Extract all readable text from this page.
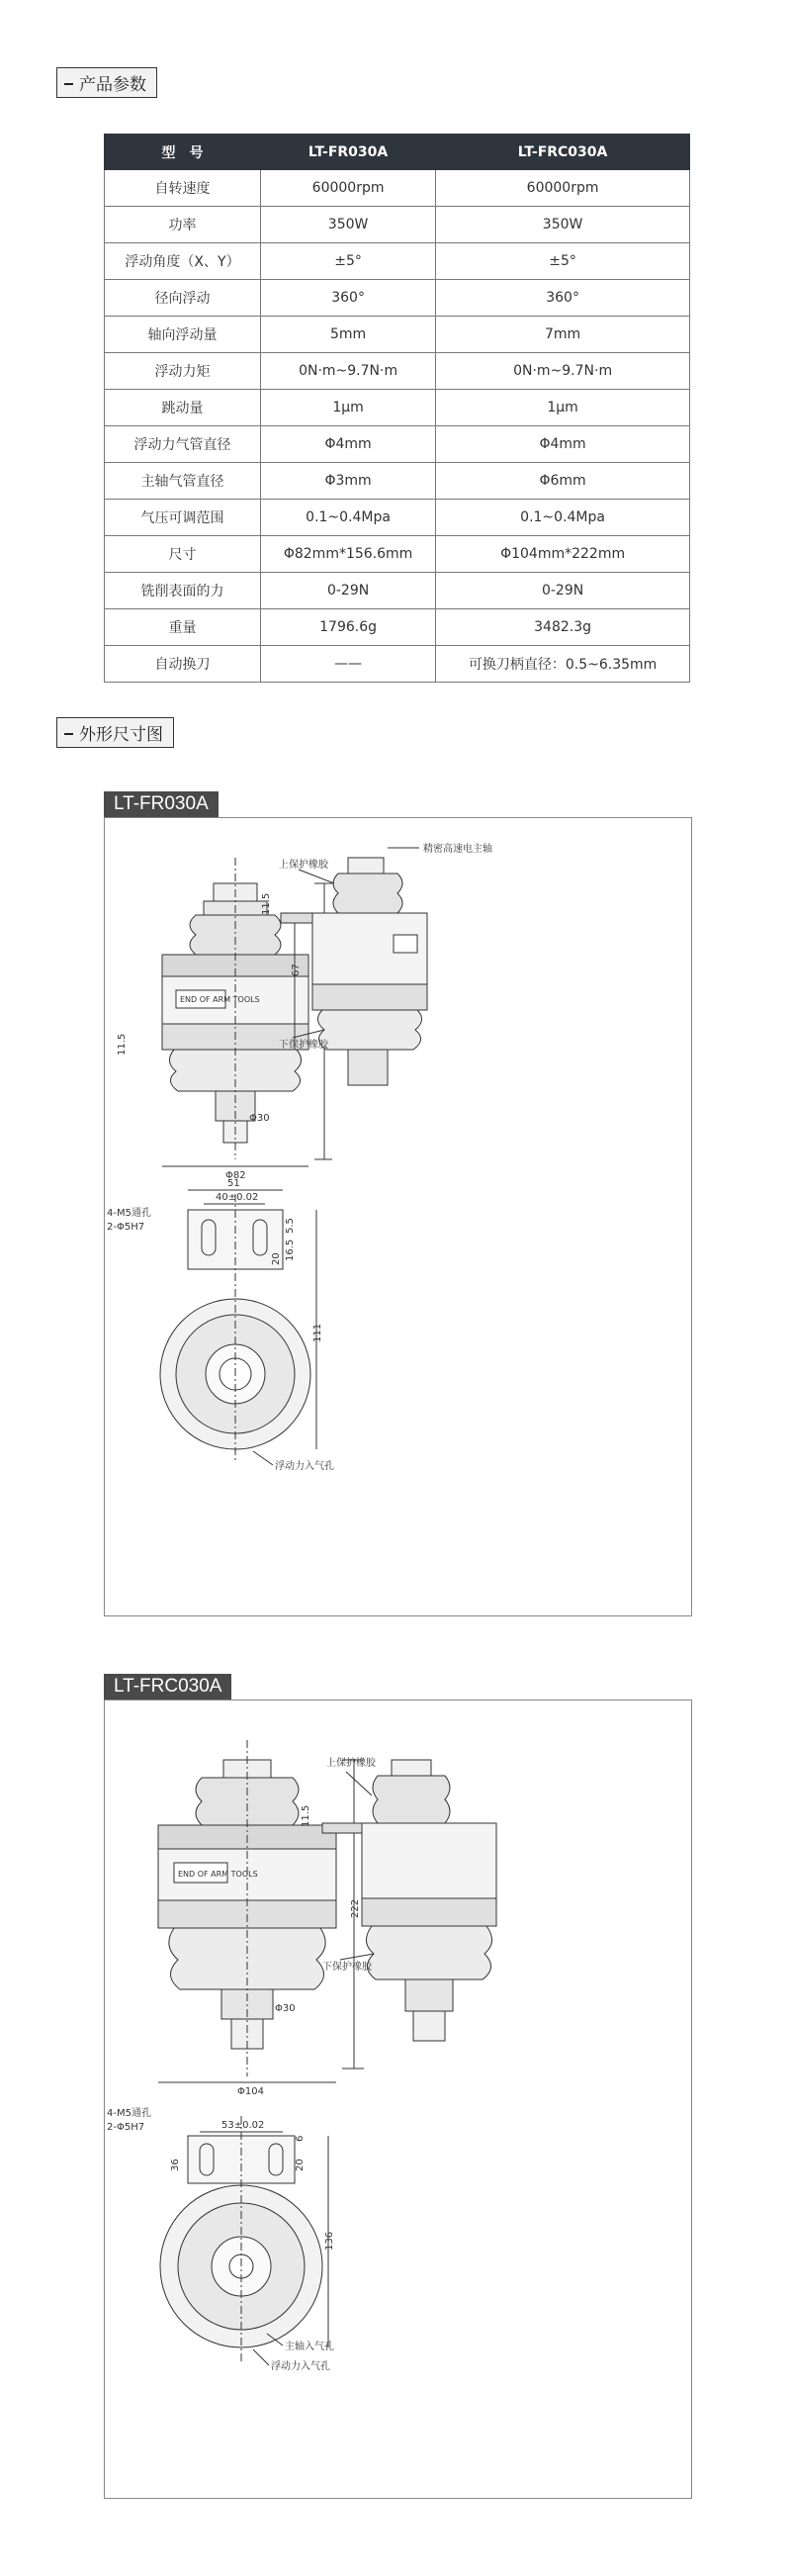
产品参数
型　号	LT-FR030A	LT-FRC030A
自转速度	60000rpm	60000rpm
功率	350W	350W
浮动角度（X、Y）	±5°	±5°
径向浮动	360°	360°
轴向浮动量	5mm	7mm
浮动力矩	0N·m~9.7N·m	0N·m~9.7N·m
跳动量	1μm	1μm
浮动力气管直径	Φ4mm	Φ4mm
主轴气管直径	Φ3mm	Φ6mm
气压可调范围	0.1~0.4Mpa	0.1~0.4Mpa
尺寸	Φ82mm*156.6mm	Φ104mm*222mm
铣削表面的力	0-29N	0-29N
重量	1796.6g	3482.3g
自动换刀	——	可换刀柄直径：0.5~6.35mm
外形尺寸图
LT-FR030A
END OF ARM TOOLS
67
Φ30
Φ82
11.5
11.5
精密高速电主轴
上保护橡胶
下保护橡胶
51
40±0.02
5.5
16.5
20
111
4-M5通孔
2-Φ5H7
浮动力入气孔
LT-FRC030A
END OF ARM TOOLS
222
Φ30
Φ104
11.5
上保护橡胶
下保护橡胶
53±0.02
6
20
36
136
4-M5通孔
2-Φ5H7
主轴入气孔
浮动力入气孔
